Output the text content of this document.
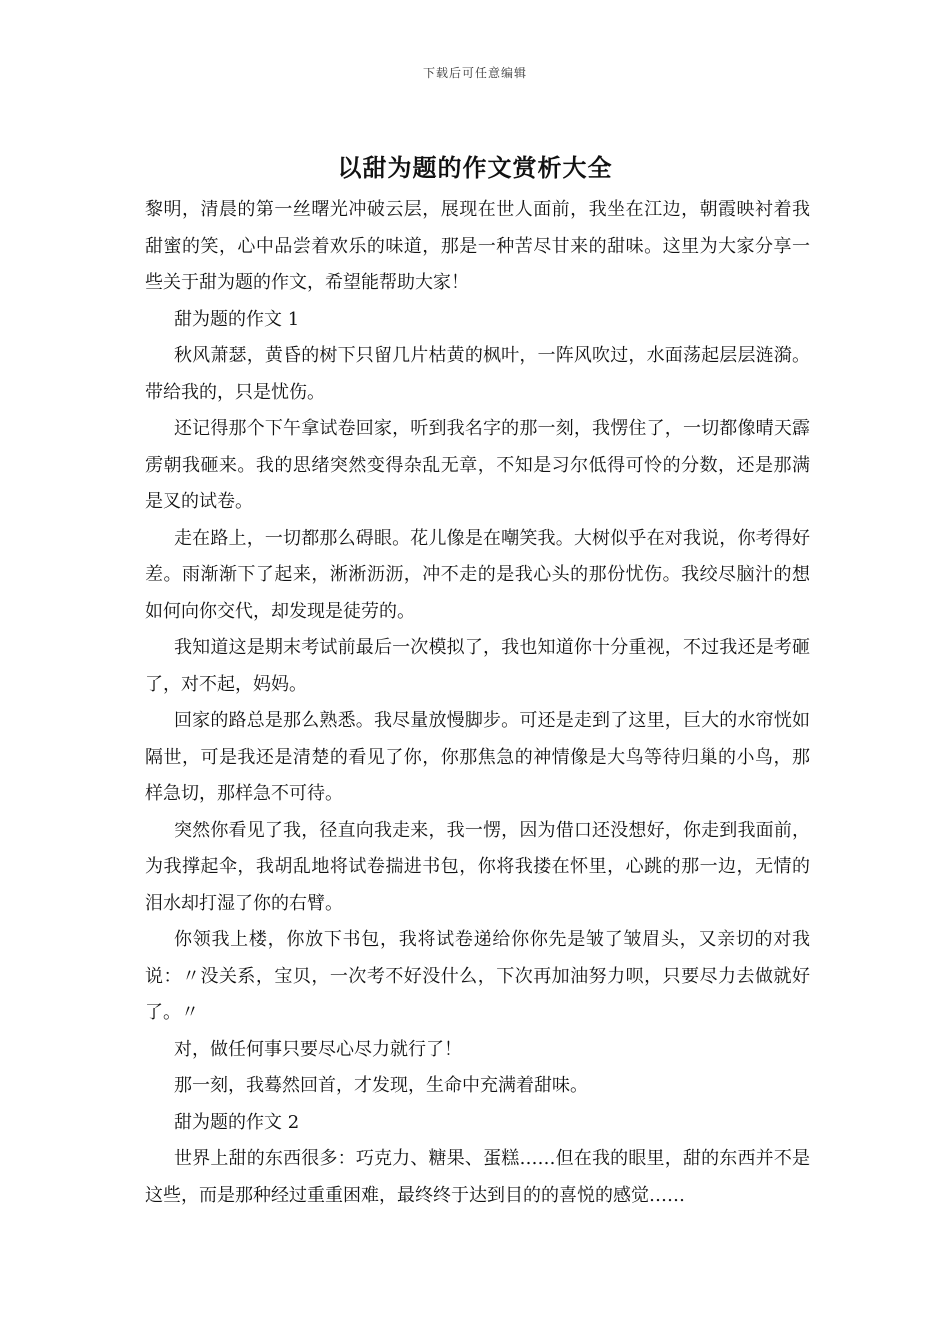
下载后可任意编辑
以甜为题的作文赏析大全

黎明，清晨的第一丝曙光冲破云层，展现在世人面前，我坐在江边，朝霞映衬着我甜蜜的笑，心中品尝着欢乐的味道，那是一种苦尽甘来的甜味。这里为大家分享一些关于甜为题的作文，希望能帮助大家！

甜为题的作文 1

秋风萧瑟，黄昏的树下只留几片枯黄的枫叶，一阵风吹过，水面荡起层层涟漪。带给我的，只是忧伤。

还记得那个下午拿试卷回家，听到我名字的那一刻，我愣住了，一切都像晴天霹雳朝我砸来。我的思绪突然变得杂乱无章，不知是习尔低得可怜的分数，还是那满是叉的试卷。

走在路上，一切都那么碍眼。花儿像是在嘲笑我。大树似乎在对我说，你考得好差。雨渐渐下了起来，淅淅沥沥，冲不走的是我心头的那份忧伤。我绞尽脑汁的想如何向你交代，却发现是徒劳的。

我知道这是期末考试前最后一次模拟了，我也知道你十分重视，不过我还是考砸了，对不起，妈妈。

回家的路总是那么熟悉。我尽量放慢脚步。可还是走到了这里，巨大的水帘恍如隔世，可是我还是清楚的看见了你，你那焦急的神情像是大鸟等待归巢的小鸟，那样急切，那样急不可待。

突然你看见了我，径直向我走来，我一愣，因为借口还没想好，你走到我面前，为我撑起伞，我胡乱地将试卷揣进书包，你将我搂在怀里，心跳的那一边，无情的泪水却打湿了你的右臂。

你领我上楼，你放下书包，我将试卷递给你你先是皱了皱眉头，又亲切的对我说：〃没关系，宝贝，一次考不好没什么，下次再加油努力呗，只要尽力去做就好了。〃

对，做任何事只要尽心尽力就行了！

那一刻，我蓦然回首，才发现，生命中充满着甜味。

甜为题的作文 2

世界上甜的东西很多：巧克力、糖果、蛋糕……但在我的眼里，甜的东西并不是这些，而是那种经过重重困难，最终终于达到目的的喜悦的感觉……
